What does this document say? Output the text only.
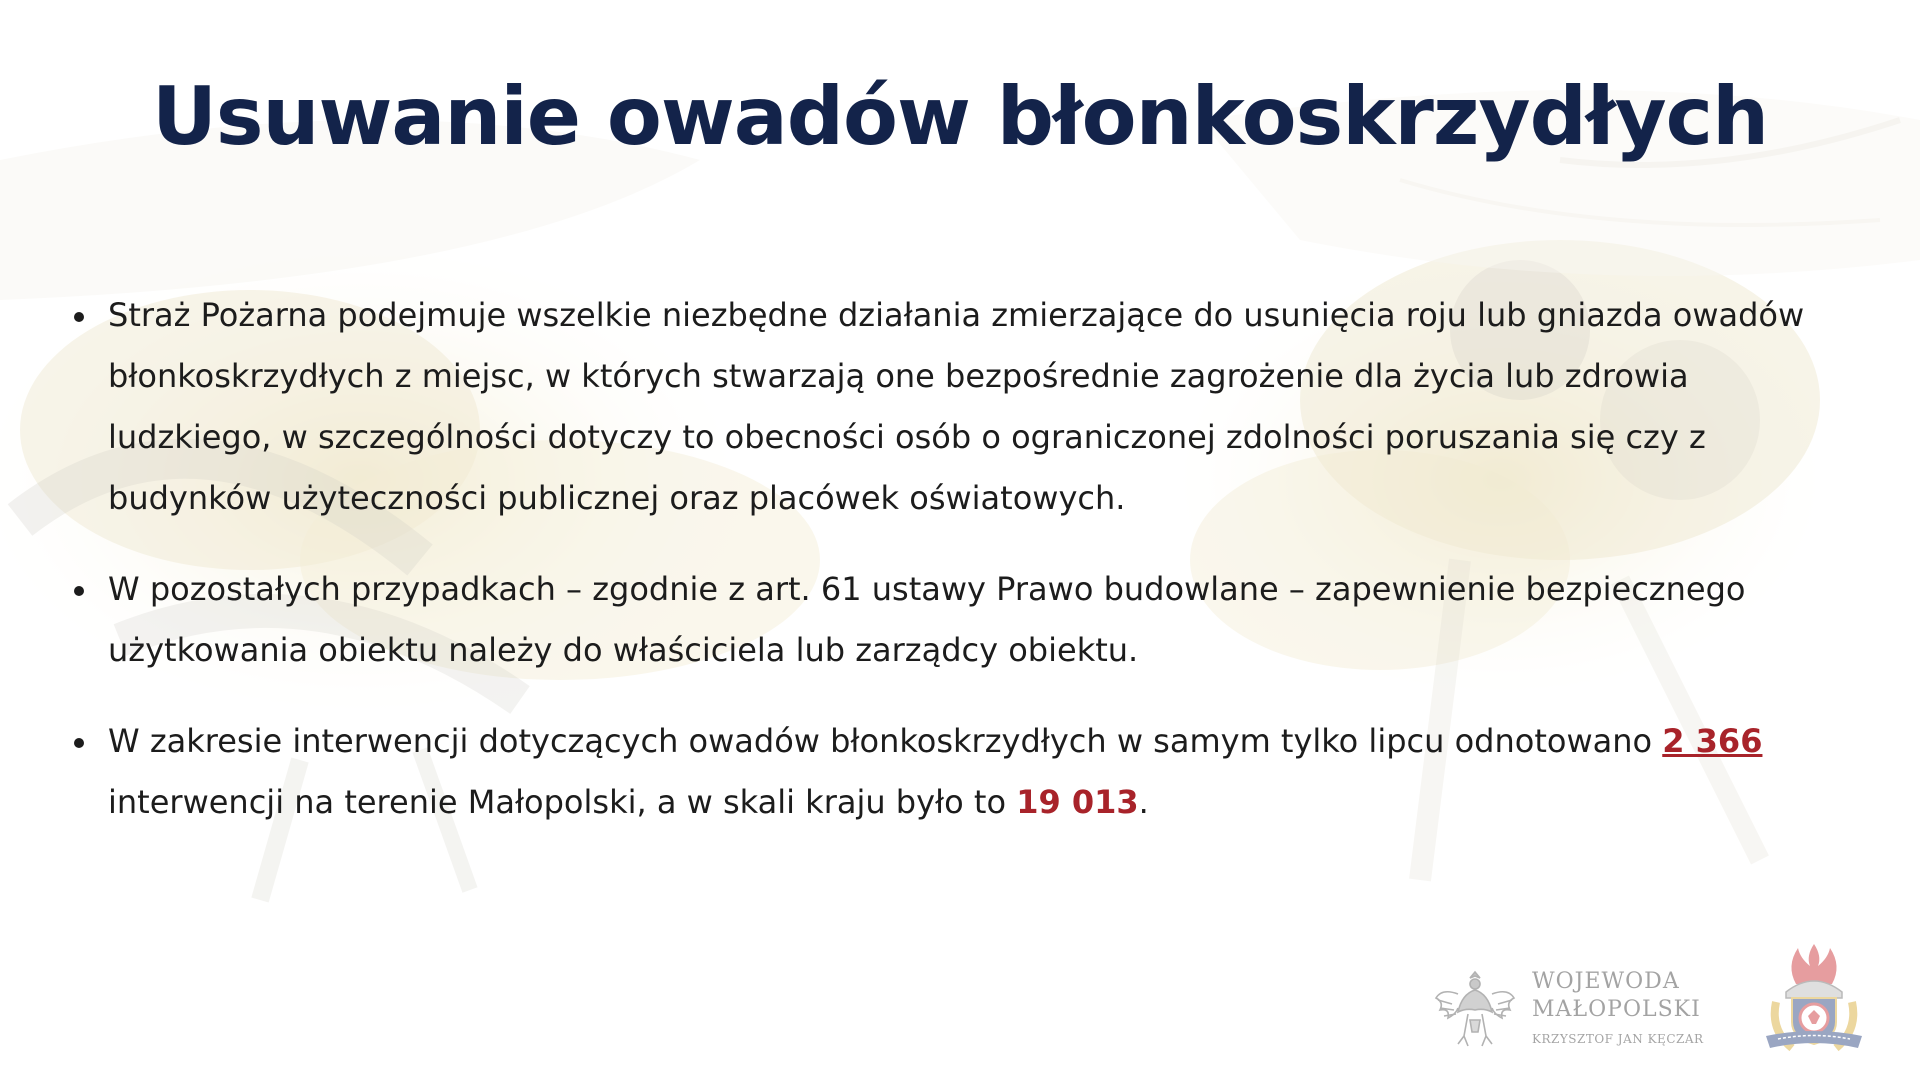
Usuwanie owadów błonkoskrzydłych
Straż Pożarna podejmuje wszelkie niezbędne działania zmierzające do usunięcia roju lub gniazda owadów błonkoskrzydłych z miejsc, w których stwarzają one bezpośrednie zagrożenie dla życia lub zdrowia ludzkiego, w szczególności dotyczy to obecności osób o ograniczonej zdolności poruszania się czy z budynków użyteczności publicznej oraz placówek oświatowych.
W pozostałych przypadkach – zgodnie z art. 61 ustawy Prawo budowlane – zapewnienie bezpiecznego użytkowania obiektu należy do właściciela lub zarządcy obiektu.
W zakresie interwencji dotyczących owadów błonkoskrzydłych w samym tylko lipcu odnotowano 2 366 interwencji na terenie Małopolski, a w skali kraju było to 19 013.
